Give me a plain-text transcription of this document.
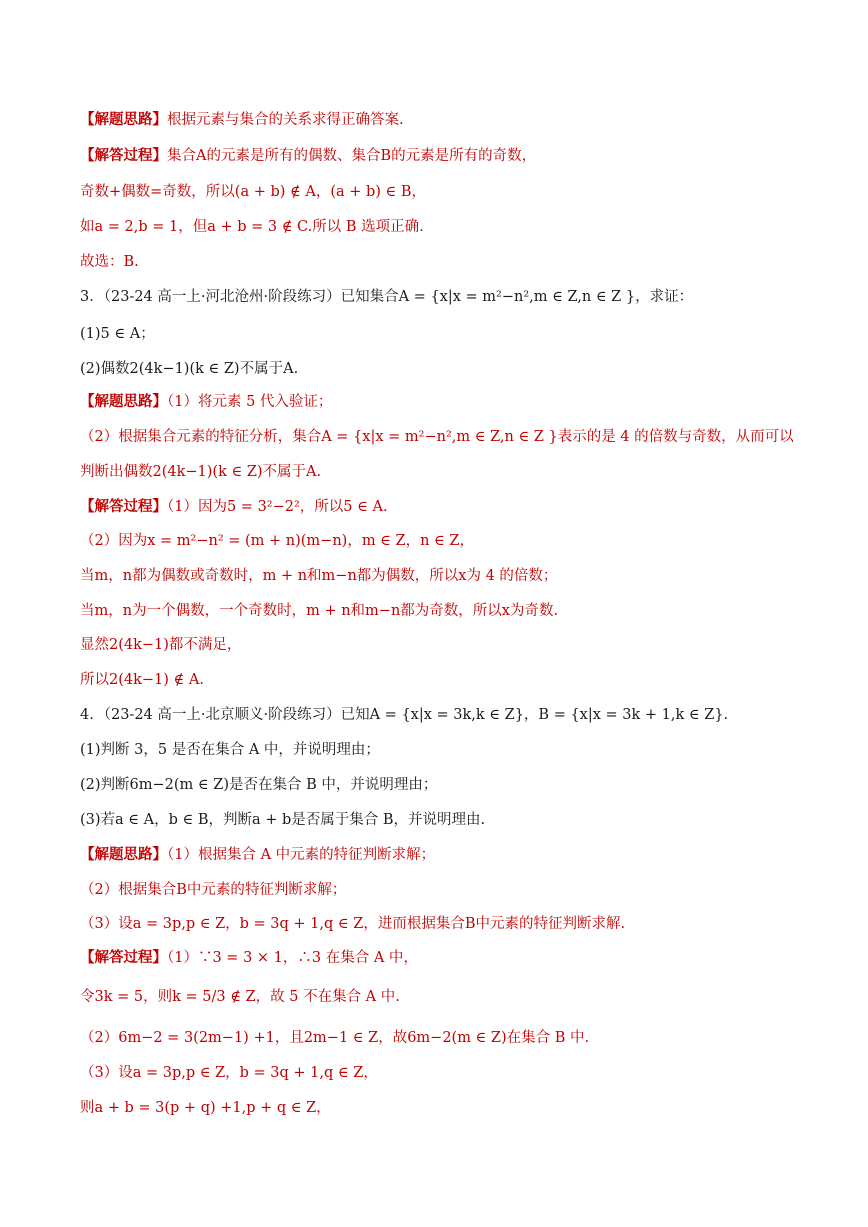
【解题思路】根据元素与集合的关系求得正确答案.
【解答过程】集合A的元素是所有的偶数、集合B的元素是所有的奇数，
奇数+偶数=奇数，所以(a + b) ∉ A，(a + b) ∈ B，
如a = 2,b = 1，但a + b = 3 ∉ C.所以 B 选项正确.
故选：B.
3．（23-24 高一上·河北沧州·阶段练习）已知集合A = {x|x = m²−n²,m ∈ Z,n ∈ Z }，求证：
(1)5 ∈ A；
(2)偶数2(4k−1)(k ∈ Z)不属于A.
【解题思路】（1）将元素 5 代入验证；
（2）根据集合元素的特征分析，集合A = {x|x = m²−n²,m ∈ Z,n ∈ Z }表示的是 4 的倍数与奇数，从而可以
判断出偶数2(4k−1)(k ∈ Z)不属于A.
【解答过程】（1）因为5 = 3²−2²，所以5 ∈ A.
（2）因为x = m²−n² = (m + n)(m−n)，m ∈ Z，n ∈ Z，
当m，n都为偶数或奇数时，m + n和m−n都为偶数，所以x为 4 的倍数；
当m，n为一个偶数，一个奇数时，m + n和m−n都为奇数，所以x为奇数.
显然2(4k−1)都不满足，
所以2(4k−1) ∉ A.
4．（23-24 高一上·北京顺义·阶段练习）已知A = {x|x = 3k,k ∈ Z}，B = {x|x = 3k + 1,k ∈ Z}.
(1)判断 3，5 是否在集合 A 中，并说明理由；
(2)判断6m−2(m ∈ Z)是否在集合 B 中，并说明理由；
(3)若a ∈ A，b ∈ B，判断a + b是否属于集合 B，并说明理由.
【解题思路】（1）根据集合 A 中元素的特征判断求解；
（2）根据集合B中元素的特征判断求解；
（3）设a = 3p,p ∈ Z，b = 3q + 1,q ∈ Z，进而根据集合B中元素的特征判断求解.
【解答过程】（1）∵3 = 3 × 1，∴3 在集合 A 中，
令3k = 5，则k = 5/3 ∉ Z，故 5 不在集合 A 中.
（2）6m−2 = 3(2m−1) +1，且2m−1 ∈ Z，故6m−2(m ∈ Z)在集合 B 中.
（3）设a = 3p,p ∈ Z，b = 3q + 1,q ∈ Z，
则a + b = 3(p + q) +1,p + q ∈ Z，
